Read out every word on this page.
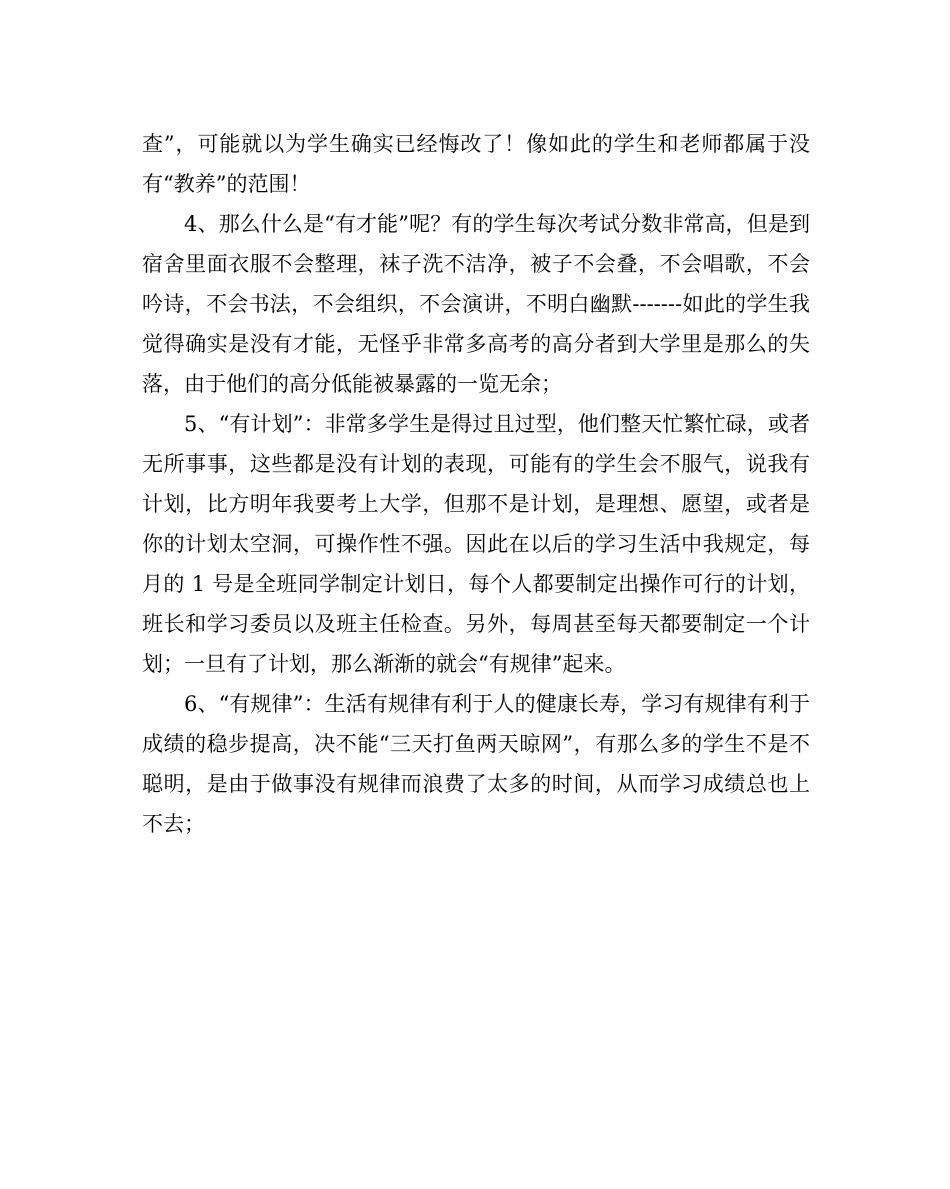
查”，可能就以为学生确实已经悔改了！像如此的学生和老师都属于没有“教养”的范围！

4、那么什么是“有才能”呢？有的学生每次考试分数非常高，但是到宿舍里面衣服不会整理，袜子洗不洁净，被子不会叠，不会唱歌，不会吟诗，不会书法，不会组织，不会演讲，不明白幽默-------如此的学生我觉得确实是没有才能，无怪乎非常多高考的高分者到大学里是那么的失落，由于他们的高分低能被暴露的一览无余；

5、“有计划”：非常多学生是得过且过型，他们整天忙繁忙碌，或者无所事事，这些都是没有计划的表现，可能有的学生会不服气，说我有计划，比方明年我要考上大学，但那不是计划，是理想、愿望，或者是你的计划太空洞，可操作性不强。因此在以后的学习生活中我规定，每月的 1 号是全班同学制定计划日，每个人都要制定出操作可行的计划，班长和学习委员以及班主任检查。另外，每周甚至每天都要制定一个计划；一旦有了计划，那么渐渐的就会“有规律”起来。

6、“有规律”：生活有规律有利于人的健康长寿，学习有规律有利于成绩的稳步提高，决不能“三天打鱼两天晾网”，有那么多的学生不是不聪明，是由于做事没有规律而浪费了太多的时间，从而学习成绩总也上不去；
